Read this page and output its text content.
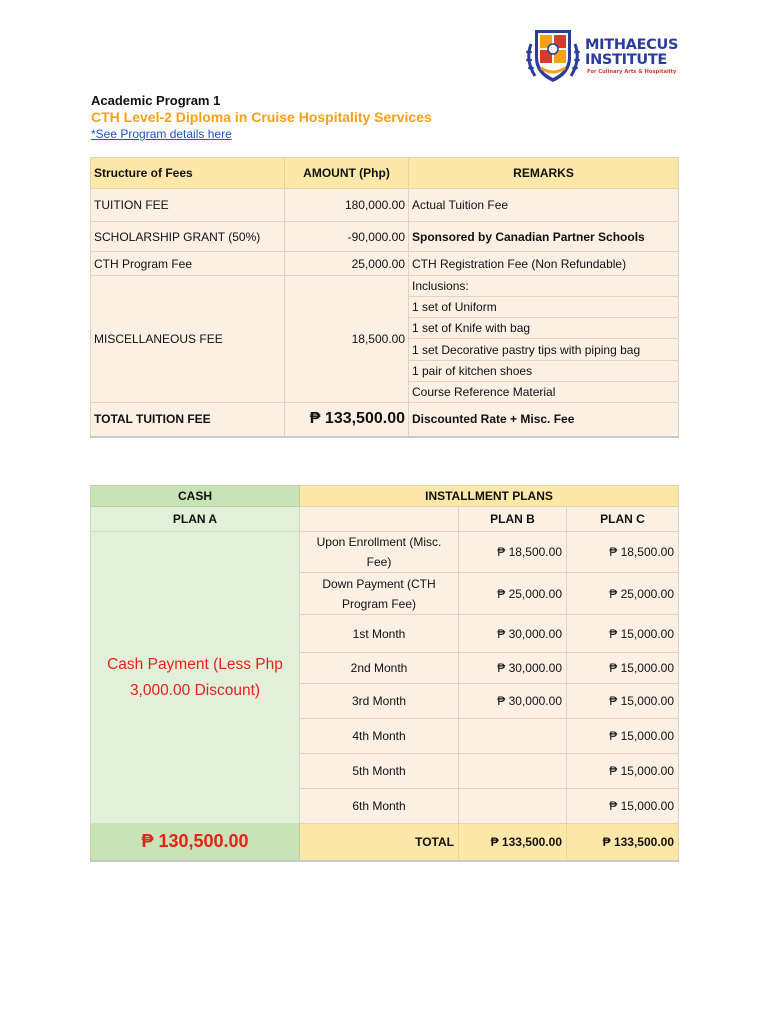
MITHAECUS
INSTITUTE
For Culinary Arts & Hospitality
Academic Program 1
CTH Level-2 Diploma in Cruise Hospitality Services
*See Program details here
Structure of Fees	AMOUNT (Php)	REMARKS
TUITION FEE	180,000.00	Actual Tuition Fee
SCHOLARSHIP GRANT (50%)	-90,000.00	Sponsored by Canadian Partner Schools
CTH Program Fee	25,000.00	CTH Registration Fee (Non Refundable)
MISCELLANEOUS FEE	18,500.00	Inclusions:
		1 set of Uniform
		1 set of Knife with bag
		1 set Decorative pastry tips with piping bag
		1 pair of kitchen shoes
		Course Reference Material
TOTAL TUITION FEE	₱ 133,500.00	Discounted Rate + Misc. Fee
CASH	INSTALLMENT PLANS		
PLAN A		PLAN B	PLAN C
Cash Payment (Less Php 3,000.00 Discount)	Upon Enrollment (Misc. Fee)	₱ 18,500.00	₱ 18,500.00
	Down Payment (CTH Program Fee)	₱ 25,000.00	₱ 25,000.00
	1st Month	₱ 30,000.00	₱ 15,000.00
	2nd Month	₱ 30,000.00	₱ 15,000.00
	3rd Month	₱ 30,000.00	₱ 15,000.00
	4th Month		₱ 15,000.00
	5th Month		₱ 15,000.00
	6th Month		₱ 15,000.00
₱ 130,500.00	TOTAL	₱ 133,500.00	₱ 133,500.00
